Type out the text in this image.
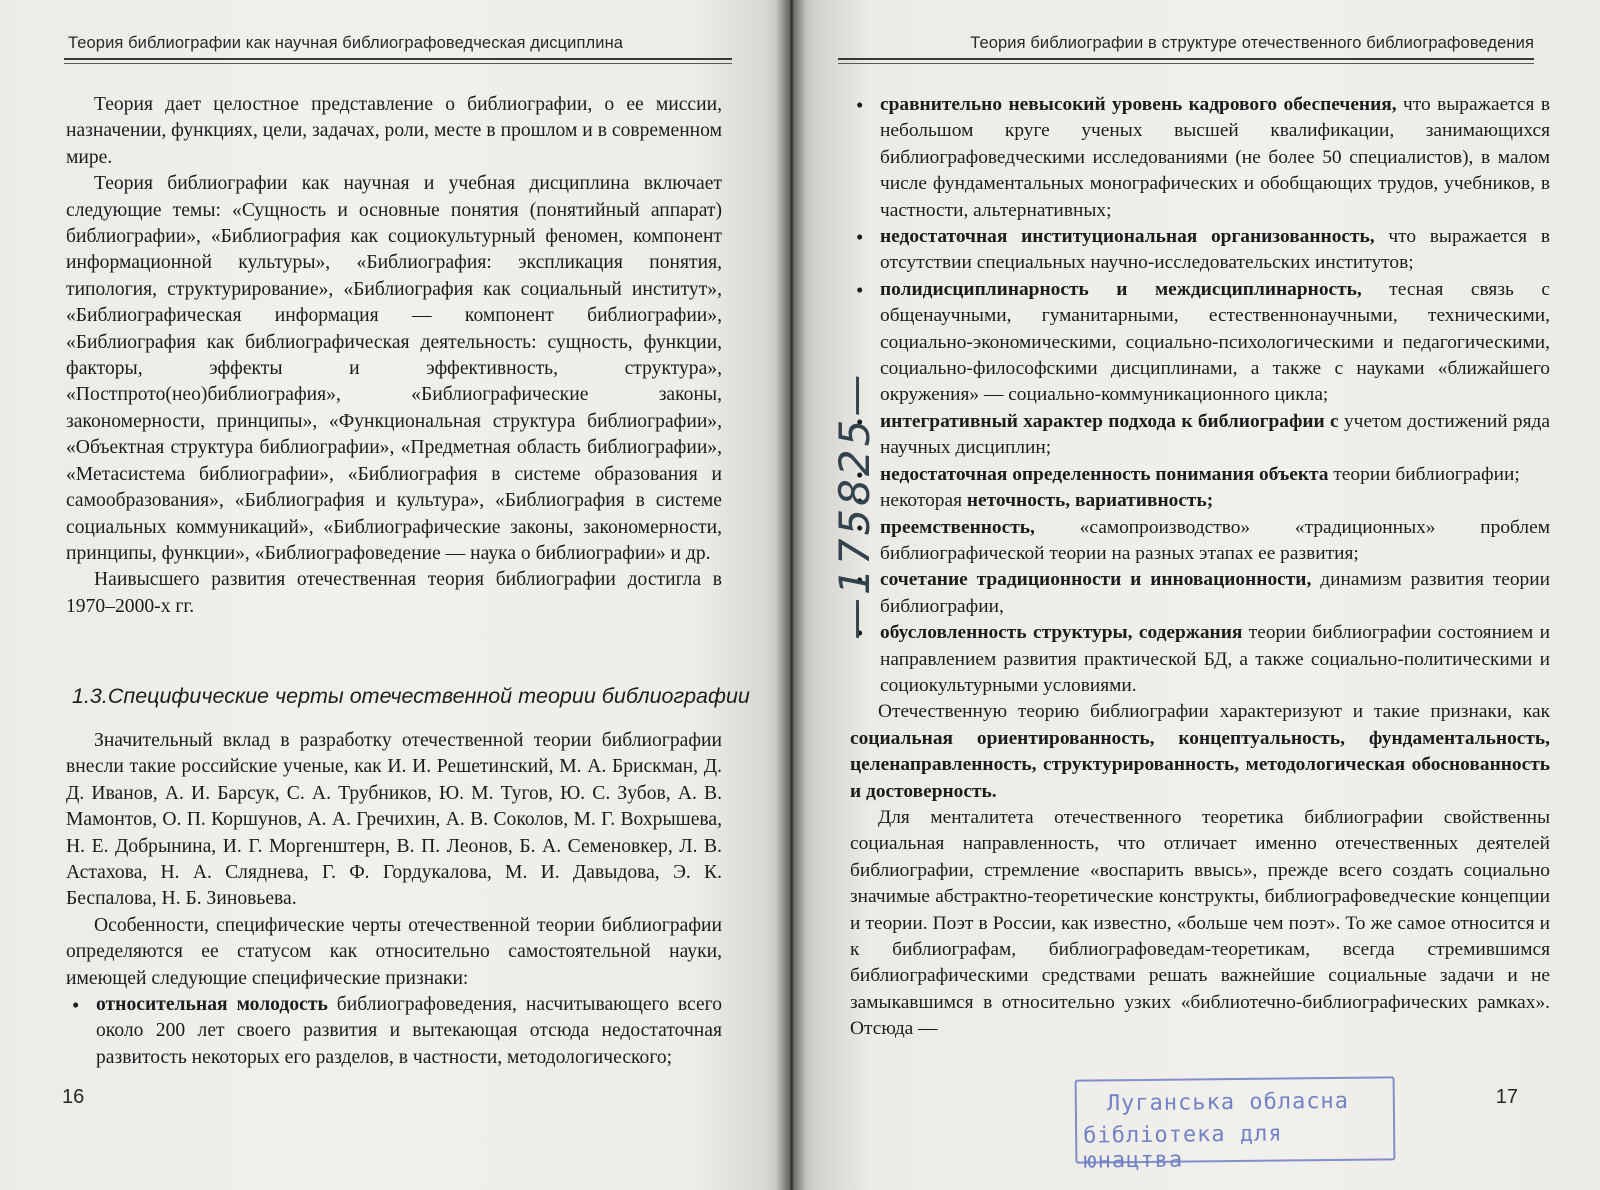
Теория библиографии как научная библиографоведческая дисциплина

Теория дает целостное представление о библиографии, о ее миссии, назначении, функциях, цели, задачах, роли, месте в прошлом и в современном мире.

Теория библиографии как научная и учебная дисциплина включает следующие темы: «Сущность и основные понятия (понятийный аппарат) библиографии», «Библиография как социокультурный феномен, компонент информационной культуры», «Библиография: экспликация понятия, типология, структурирование», «Библиография как социальный институт», «Библиографическая информация — компонент библиографии», «Библиография как библиографическая деятельность: сущность, функции, факторы, эффекты и эффективность, структура», «Постпрото(нео)библиография», «Библиографические законы, закономерности, принципы», «Функциональная структура библиографии», «Объектная структура библиографии», «Предметная область библиографии», «Метасистема библиографии», «Библиография в системе образования и самообразования», «Библиография и культура», «Библиография в системе социальных коммуникаций», «Библиографические законы, закономерности, принципы, функции», «Библиографоведение — наука о библиографии» и др.

Наивысшего развития отечественная теория библиографии достигла в 1970–2000-х гг.

1.3.Специфические черты отечественной теории библиографии

Значительный вклад в разработку отечественной теории библиографии внесли такие российские ученые, как И. И. Решетинский, М. А. Брискман, Д. Д. Иванов, А. И. Барсук, С. А. Трубников, Ю. М. Тугов, Ю. С. Зубов, А. В. Мамонтов, О. П. Коршунов, А. А. Гречихин, А. В. Соколов, М. Г. Вохрышева, Н. Е. Добрынина, И. Г. Моргенштерн, В. П. Леонов, Б. А. Семеновкер, Л. В. Астахова, Н. А. Сляднева, Г. Ф. Гордукалова, М. И. Давыдова, Э. К. Беспалова, Н. Б. Зиновьева.

Особенности, специфические черты отечественной теории библиографии определяются ее статусом как относительно самостоятельной науки, имеющей следующие специфические признаки:

• относительная молодость библиографоведения, насчитывающего всего около 200 лет своего развития и вытекающая отсюда недостаточная развитость некоторых его разделов, в частности, методологического;

16
Теория библиографии в структуре отечественного библиографоведения

• сравнительно невысокий уровень кадрового обеспечения, что выражается в небольшом круге ученых высшей квалификации, занимающихся библиографоведческими исследованиями (не более 50 специалистов), в малом числе фундаментальных монографических и обобщающих трудов, учебников, в частности, альтернативных;

• недостаточная институциональная организованность, что выражается в отсутствии специальных научно-исследовательских институтов;

• полидисциплинарность и междисциплинарность, тесная связь с общенаучными, гуманитарными, естественнонаучными, техническими, социально-экономическими, социально-психологическими и педагогическими, социально-философскими дисциплинами, а также с науками «ближайшего окружения» — социально-коммуникационного цикла;

• интегративный характер подхода к библиографии с учетом достижений ряда научных дисциплин;

• недостаточная определенность понимания объекта теории библиографии;

• некоторая неточность, вариативность;

• преемственность, «самопроизводство» «традиционных» проблем библиографической теории на разных этапах ее развития;

• сочетание традиционности и инновационности, динамизм развития теории библиографии,

• обусловленность структуры, содержания теории библиографии состоянием и направлением развития практической БД, а также социально-политическими и социокультурными условиями.

Отечественную теорию библиографии характеризуют и такие признаки, как социальная ориентированность, концептуальность, фундаментальность, целенаправленность, структурированность, методологическая обоснованность и достоверность.

Для менталитета отечественного теоретика библиографии свойственны социальная направленность, что отличает именно отечественных деятелей библиографии, стремление «воспарить ввысь», прежде всего создать социально значимые абстрактно-теоретические конструкты, библиографоведческие концепции и теории. Поэт в России, как известно, «больше чем поэт». То же самое относится и к библиографам, библиографоведам-теоретикам, всегда стремившимся библиографическими средствами решать важнейшие социальные задачи и не замыкавшимся в относительно узких «библиотечно-библиографических рамках». Отсюда —

—175825—
Луганська обласна
бібліотека для юнацтва
17
